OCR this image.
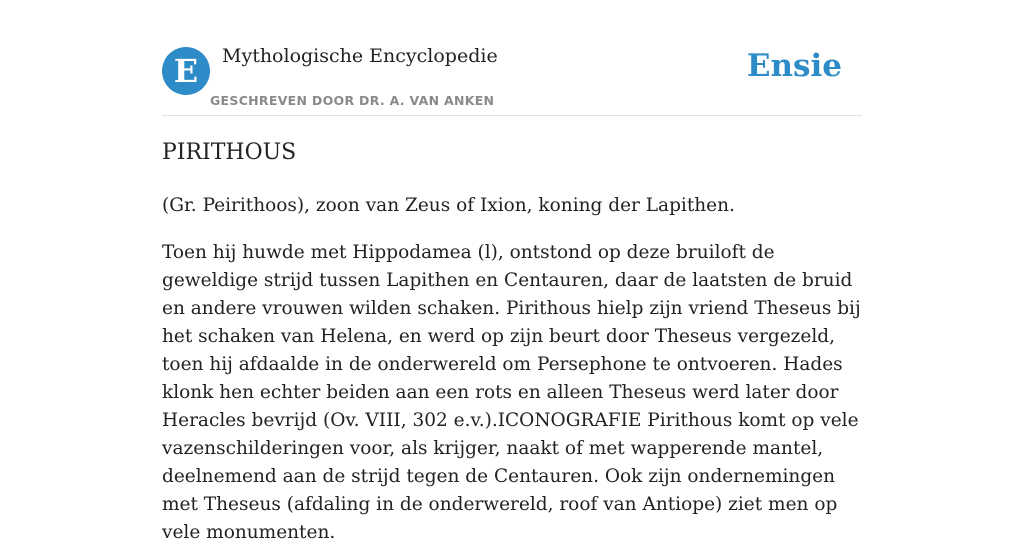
E	Mythologische Encyclopedie
GESCHREVEN DOOR DR. A. VAN ANKEN
Ensie
PIRITHOUS

(Gr. Peirithoos), zoon van Zeus of Ixion, koning der Lapithen.

Toen hij huwde met Hippodamea (l), ontstond op deze bruiloft de geweldige strijd tussen Lapithen en Centauren, daar de laatsten de bruid en andere vrouwen wilden schaken. Pirithous hielp zijn vriend Theseus bij het schaken van Helena, en werd op zijn beurt door Theseus vergezeld, toen hij afdaalde in de onderwereld om Persephone te ontvoeren. Hades klonk hen echter beiden aan een rots en alleen Theseus werd later door Heracles bevrijd (Ov. VIII, 302 e.v.).ICONOGRAFIE Pirithous komt op vele vazenschilderingen voor, als krijger, naakt of met wapperende mantel, deelnemend aan de strijd tegen de Centauren. Ook zijn ondernemingen met Theseus (afdaling in de onderwereld, roof van Antiope) ziet men op vele monumenten.
